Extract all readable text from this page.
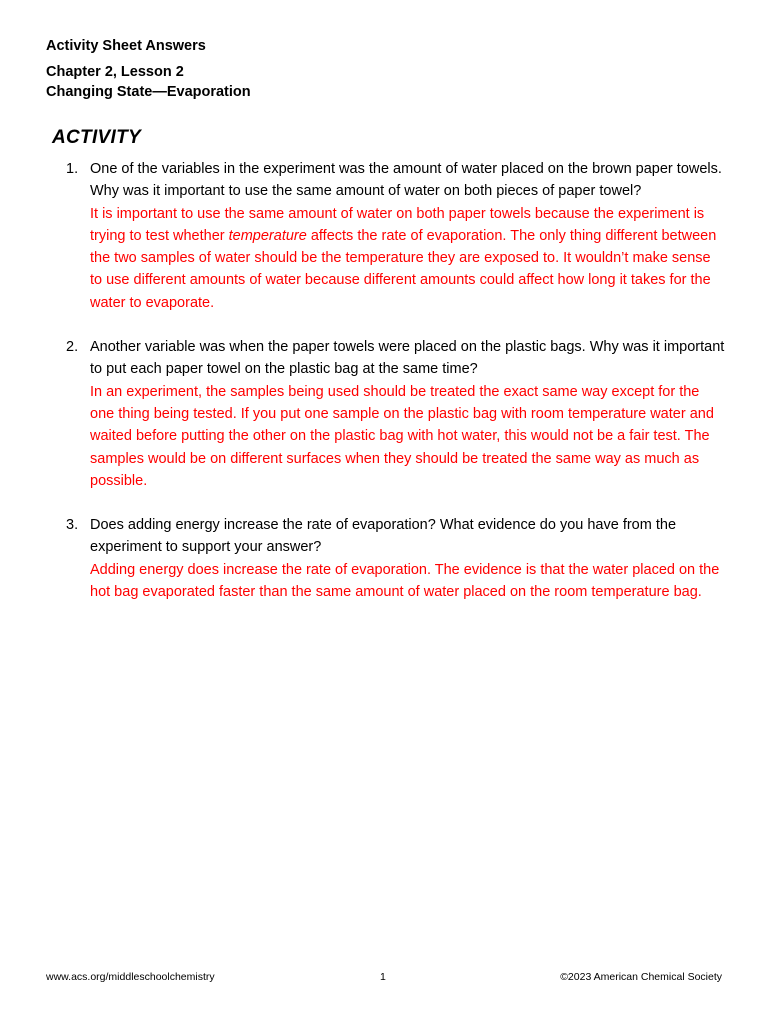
Activity Sheet Answers
Chapter 2, Lesson 2
Changing State—Evaporation
ACTIVITY
1. One of the variables in the experiment was the amount of water placed on the brown paper towels. Why was it important to use the same amount of water on both pieces of paper towel?
It is important to use the same amount of water on both paper towels because the experiment is trying to test whether temperature affects the rate of evaporation. The only thing different between the two samples of water should be the temperature they are exposed to. It wouldn’t make sense to use different amounts of water because different amounts could affect how long it takes for the water to evaporate.
2. Another variable was when the paper towels were placed on the plastic bags. Why was it important to put each paper towel on the plastic bag at the same time?
In an experiment, the samples being used should be treated the exact same way except for the one thing being tested. If you put one sample on the plastic bag with room temperature water and waited before putting the other on the plastic bag with hot water, this would not be a fair test. The samples would be on different surfaces when they should be treated the same way as much as possible.
3. Does adding energy increase the rate of evaporation? What evidence do you have from the experiment to support your answer?
Adding energy does increase the rate of evaporation. The evidence is that the water placed on the hot bag evaporated faster than the same amount of water placed on the room temperature bag.
www.acs.org/middleschoolchemistry	1	©2023 American Chemical Society
